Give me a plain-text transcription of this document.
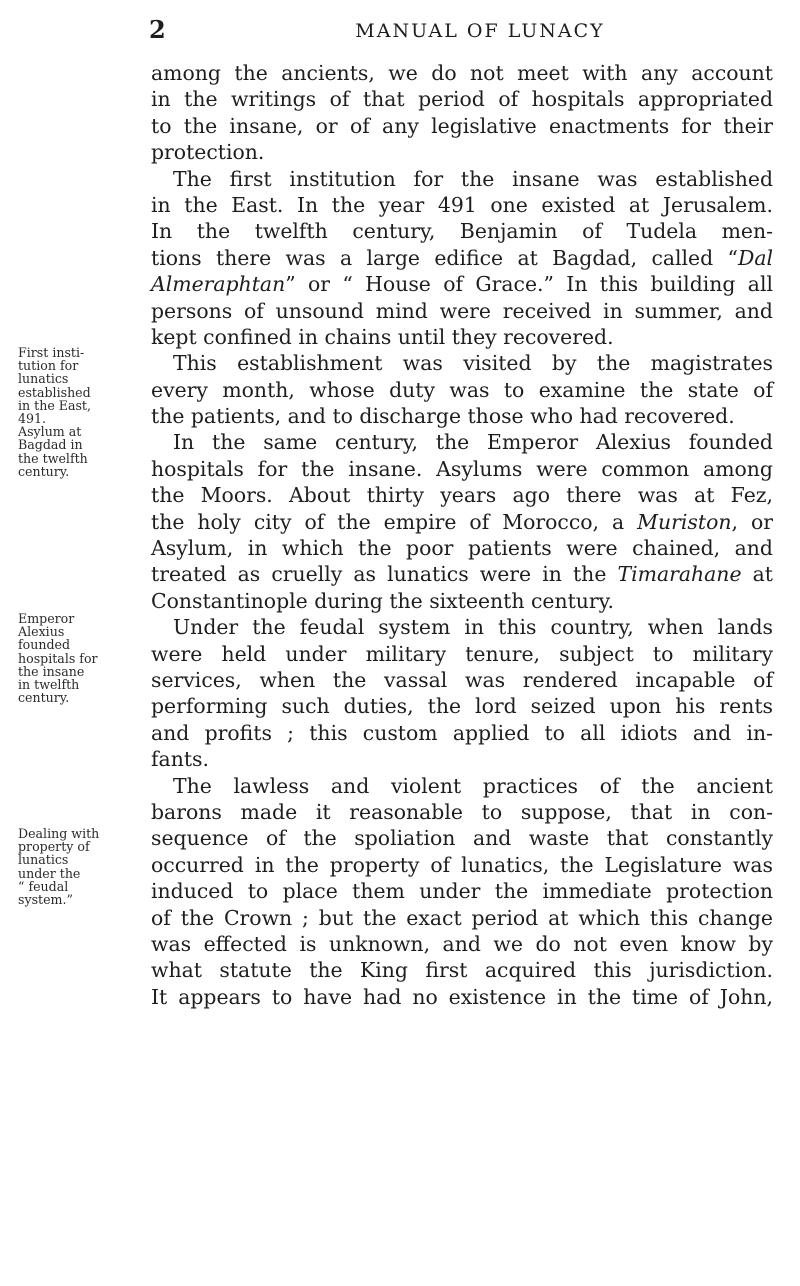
2	MANUAL OF LUNACY
First insti-
tution for
lunatics
established
in the East,
491.
Asylum at
Bagdad in
the twelfth
century.
Emperor
Alexius
founded
hospitals for
the insane
in twelfth
century.
Dealing with
property of
lunatics
under the
“ feudal
system.”
among the ancients, we do not meet with any account
in the writings of that period of hospitals appropriated
to the insane, or of any legislative enactments for their
protection.
The first institution for the insane was established
in the East. In the year 491 one existed at Jerusalem.
In the twelfth century, Benjamin of Tudela men-
tions there was a large edifice at Bagdad, called “Dal
Almeraphtan” or “ House of Grace.” In this building all
persons of unsound mind were received in summer, and
kept confined in chains until they recovered.
This establishment was visited by the magistrates
every month, whose duty was to examine the state of
the patients, and to discharge those who had recovered.
In the same century, the Emperor Alexius founded
hospitals for the insane. Asylums were common among
the Moors. About thirty years ago there was at Fez,
the holy city of the empire of Morocco, a Muriston, or
Asylum, in which the poor patients were chained, and
treated as cruelly as lunatics were in the Timarahane at
Constantinople during the sixteenth century.
Under the feudal system in this country, when lands
were held under military tenure, subject to military
services, when the vassal was rendered incapable of
performing such duties, the lord seized upon his rents
and profits ; this custom applied to all idiots and in-
fants.
The lawless and violent practices of the ancient
barons made it reasonable to suppose, that in con-
sequence of the spoliation and waste that constantly
occurred in the property of lunatics, the Legislature was
induced to place them under the immediate protection
of the Crown ; but the exact period at which this change
was effected is unknown, and we do not even know by
what statute the King first acquired this jurisdiction.
It appears to have had no existence in the time of John,
